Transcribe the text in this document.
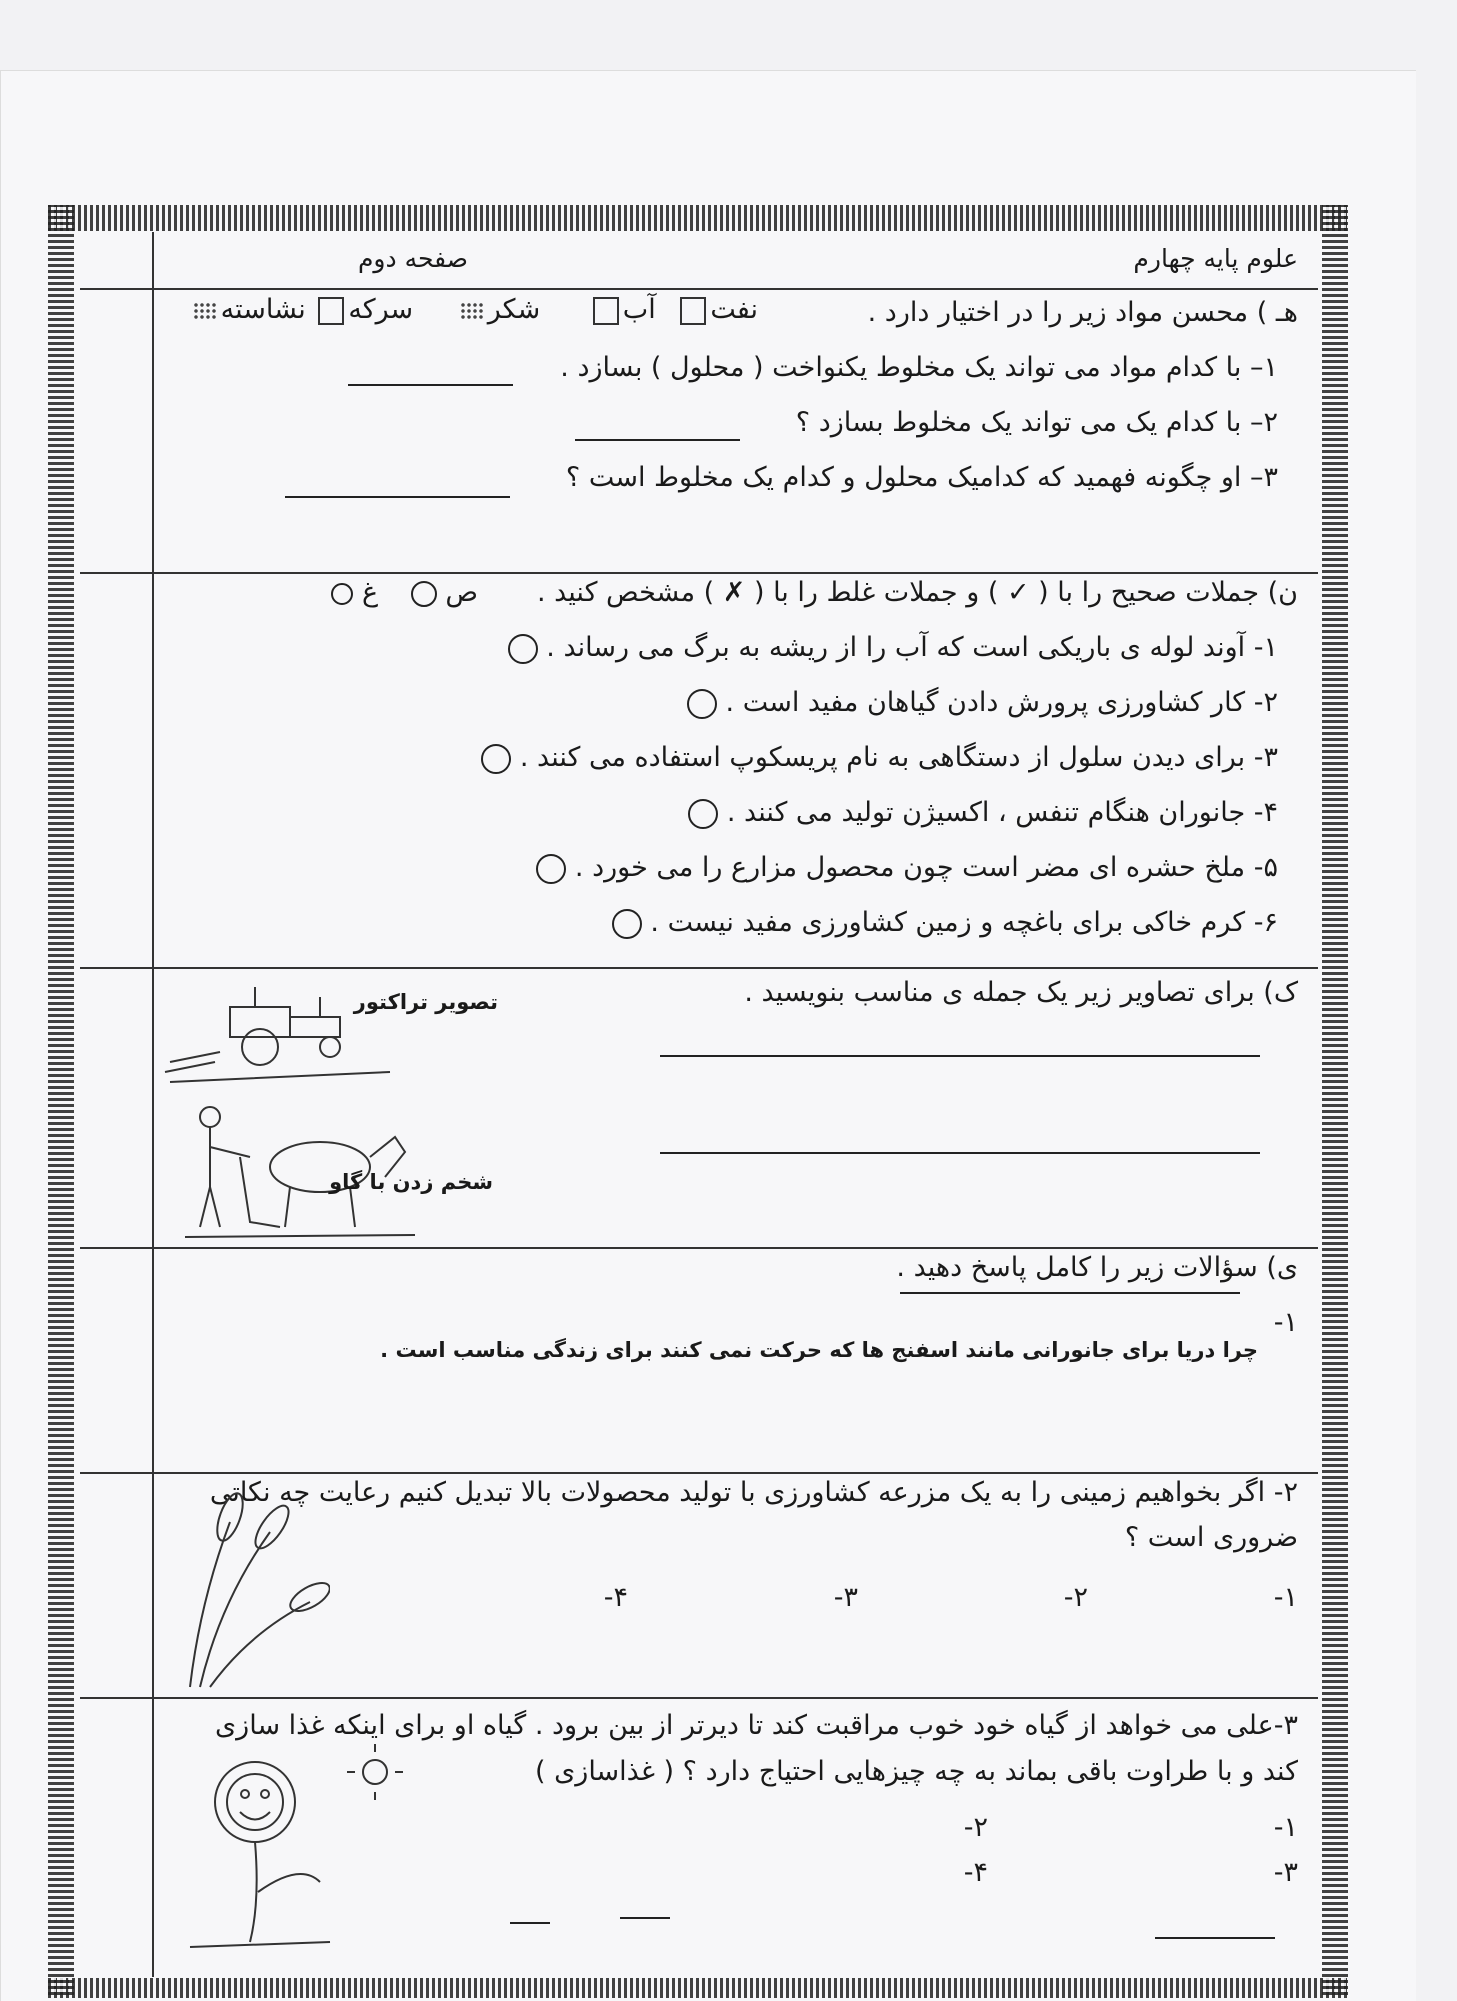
علوم پایه چهارم
صفحه دوم
هـ ) محسن مواد زیر را در اختیار دارد .
نفت آب شکر سرکه نشاسته
۱– با کدام مواد می تواند یک مخلوط یکنواخت ( محلول ) بسازد .
۲– با کدام یک می تواند یک مخلوط بسازد ؟
۳– او چگونه فهمید که کدامیک محلول و کدام یک مخلوط است ؟
ن) جملات صحیح را با ( ✓ ) و جملات غلط را با ( ✗ ) مشخص کنید .
ص  غ
۱- آوند لوله ی باریکی است که آب را از ریشه به برگ می رساند .
۲- کار کشاورزی پرورش دادن گیاهان مفید است .
۳- برای دیدن سلول از دستگاهی به نام پریسکوپ استفاده می کنند .
۴- جانوران هنگام تنفس ، اکسیژن تولید می کنند .
۵- ملخ حشره ای مضر است چون محصول مزارع را می خورد .
۶- کرم خاکی برای باغچه و زمین کشاورزی مفید نیست .
ک) برای تصاویر زیر یک جمله ی مناسب بنویسید .
تصویر تراکتور
شخم زدن با گاو
ی) سؤالات زیر را کامل پاسخ دهید .
۱-
چرا دریا برای جانورانی مانند اسفنج ها که حرکت نمی کنند برای زندگی مناسب است .
۲- اگر بخواهیم زمینی را به یک مزرعه کشاورزی با تولید محصولات بالا تبدیل کنیم رعایت چه نکاتی
ضروری است ؟
۱-
۲-
۳-
۴-
۳-علی می خواهد از گیاه خود خوب مراقبت کند تا دیرتر از بین برود . گیاه او برای اینکه غذا سازی
کند و با طراوت باقی بماند به چه چیزهایی احتیاج دارد ؟ ( غذاسازی )
۱-
۲-
۳-
۴-
